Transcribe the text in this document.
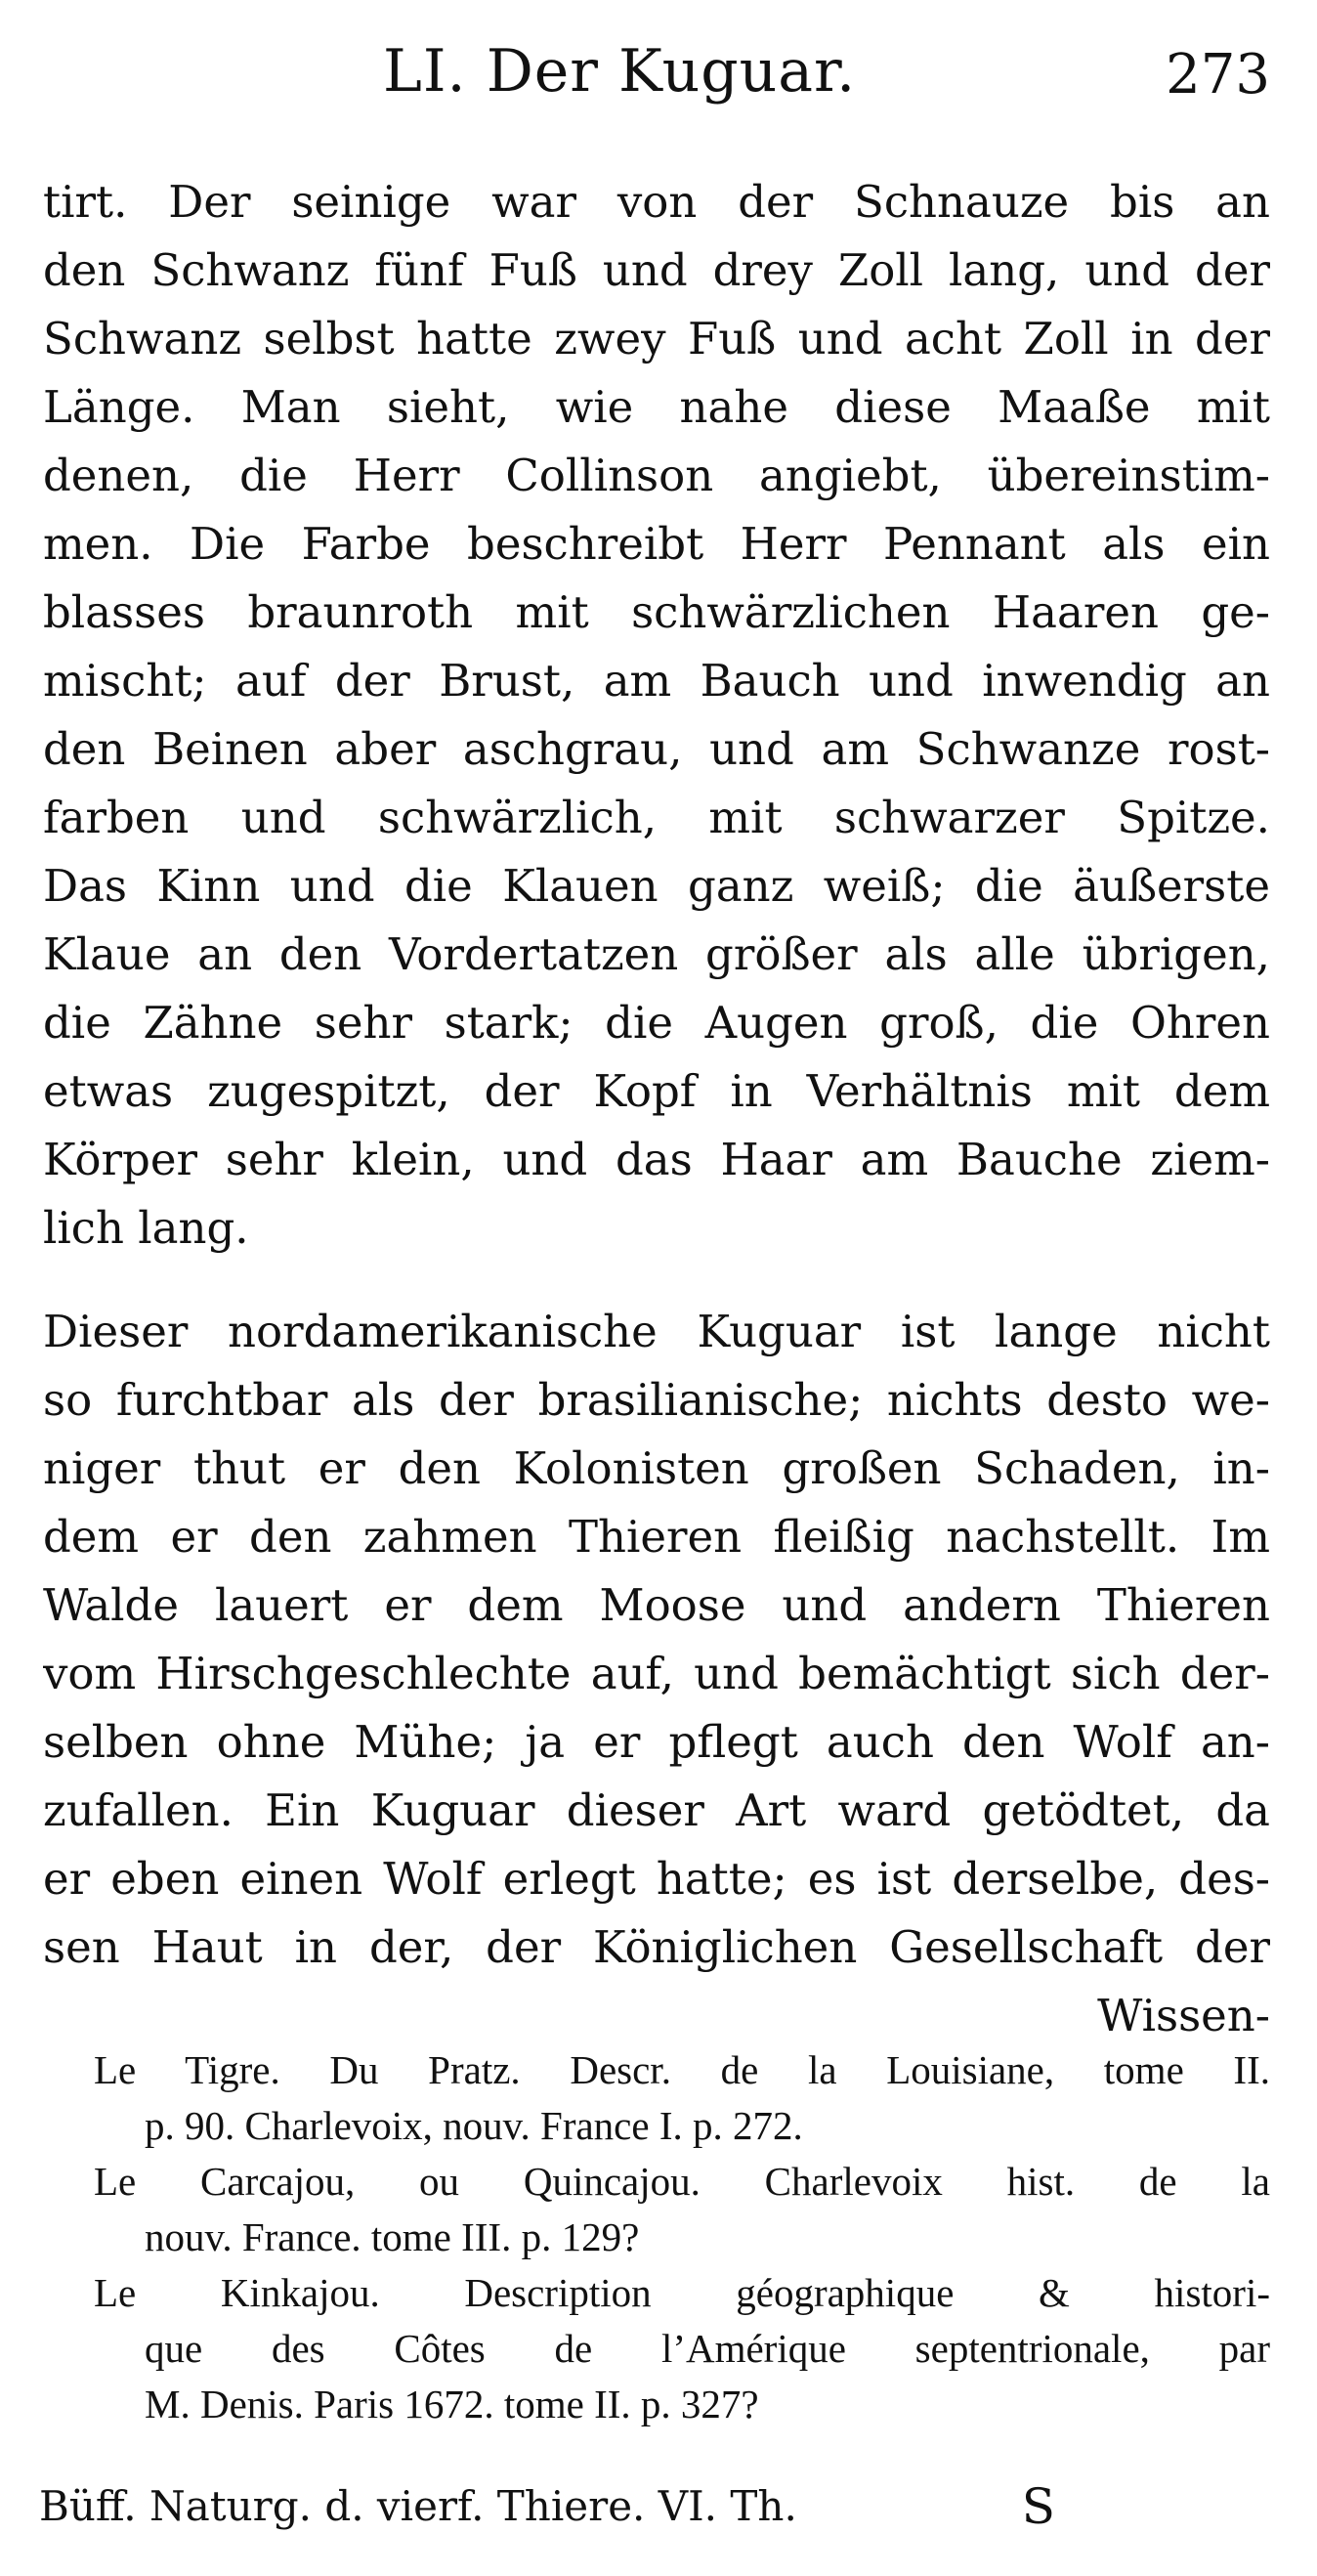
LI. Der Kuguar.	273
tirt. Der seinige war von der Schnauze bis an
den Schwanz fünf Fuß und drey Zoll lang, und der
Schwanz selbst hatte zwey Fuß und acht Zoll in der
Länge. Man sieht, wie nahe diese Maaße mit
denen, die Herr Collinson angiebt, übereinstim-
men. Die Farbe beschreibt Herr Pennant als ein
blasses braunroth mit schwärzlichen Haaren ge-
mischt; auf der Brust, am Bauch und inwendig an
den Beinen aber aschgrau, und am Schwanze rost-
farben und schwärzlich, mit schwarzer Spitze.
Das Kinn und die Klauen ganz weiß; die äußerste
Klaue an den Vordertatzen größer als alle übrigen,
die Zähne sehr stark; die Augen groß, die Ohren
etwas zugespitzt, der Kopf in Verhältnis mit dem
Körper sehr klein, und das Haar am Bauche ziem-
lich lang.
Dieser nordamerikanische Kuguar ist lange nicht
so furchtbar als der brasilianische; nichts desto we-
niger thut er den Kolonisten großen Schaden, in-
dem er den zahmen Thieren fleißig nachstellt. Im
Walde lauert er dem Moose und andern Thieren
vom Hirschgeschlechte auf, und bemächtigt sich der-
selben ohne Mühe; ja er pflegt auch den Wolf an-
zufallen. Ein Kuguar dieser Art ward getödtet, da
er eben einen Wolf erlegt hatte; es ist derselbe, des-
sen Haut in der, der Königlichen Gesellschaft der
Wissen-
Le Tigre. Du Pratz. Descr. de la Louisiane, tome II.
p. 90. Charlevoix, nouv. France I. p. 272.
Le Carcajou, ou Quincajou. Charlevoix hist. de la
nouv. France. tome III. p. 129?
Le Kinkajou. Description géographique & histori-
que des Côtes de l’Amérique septentrionale, par
M. Denis. Paris 1672. tome II. p. 327?
Büff. Naturg. d. vierf. Thiere. VI. Th.	S
